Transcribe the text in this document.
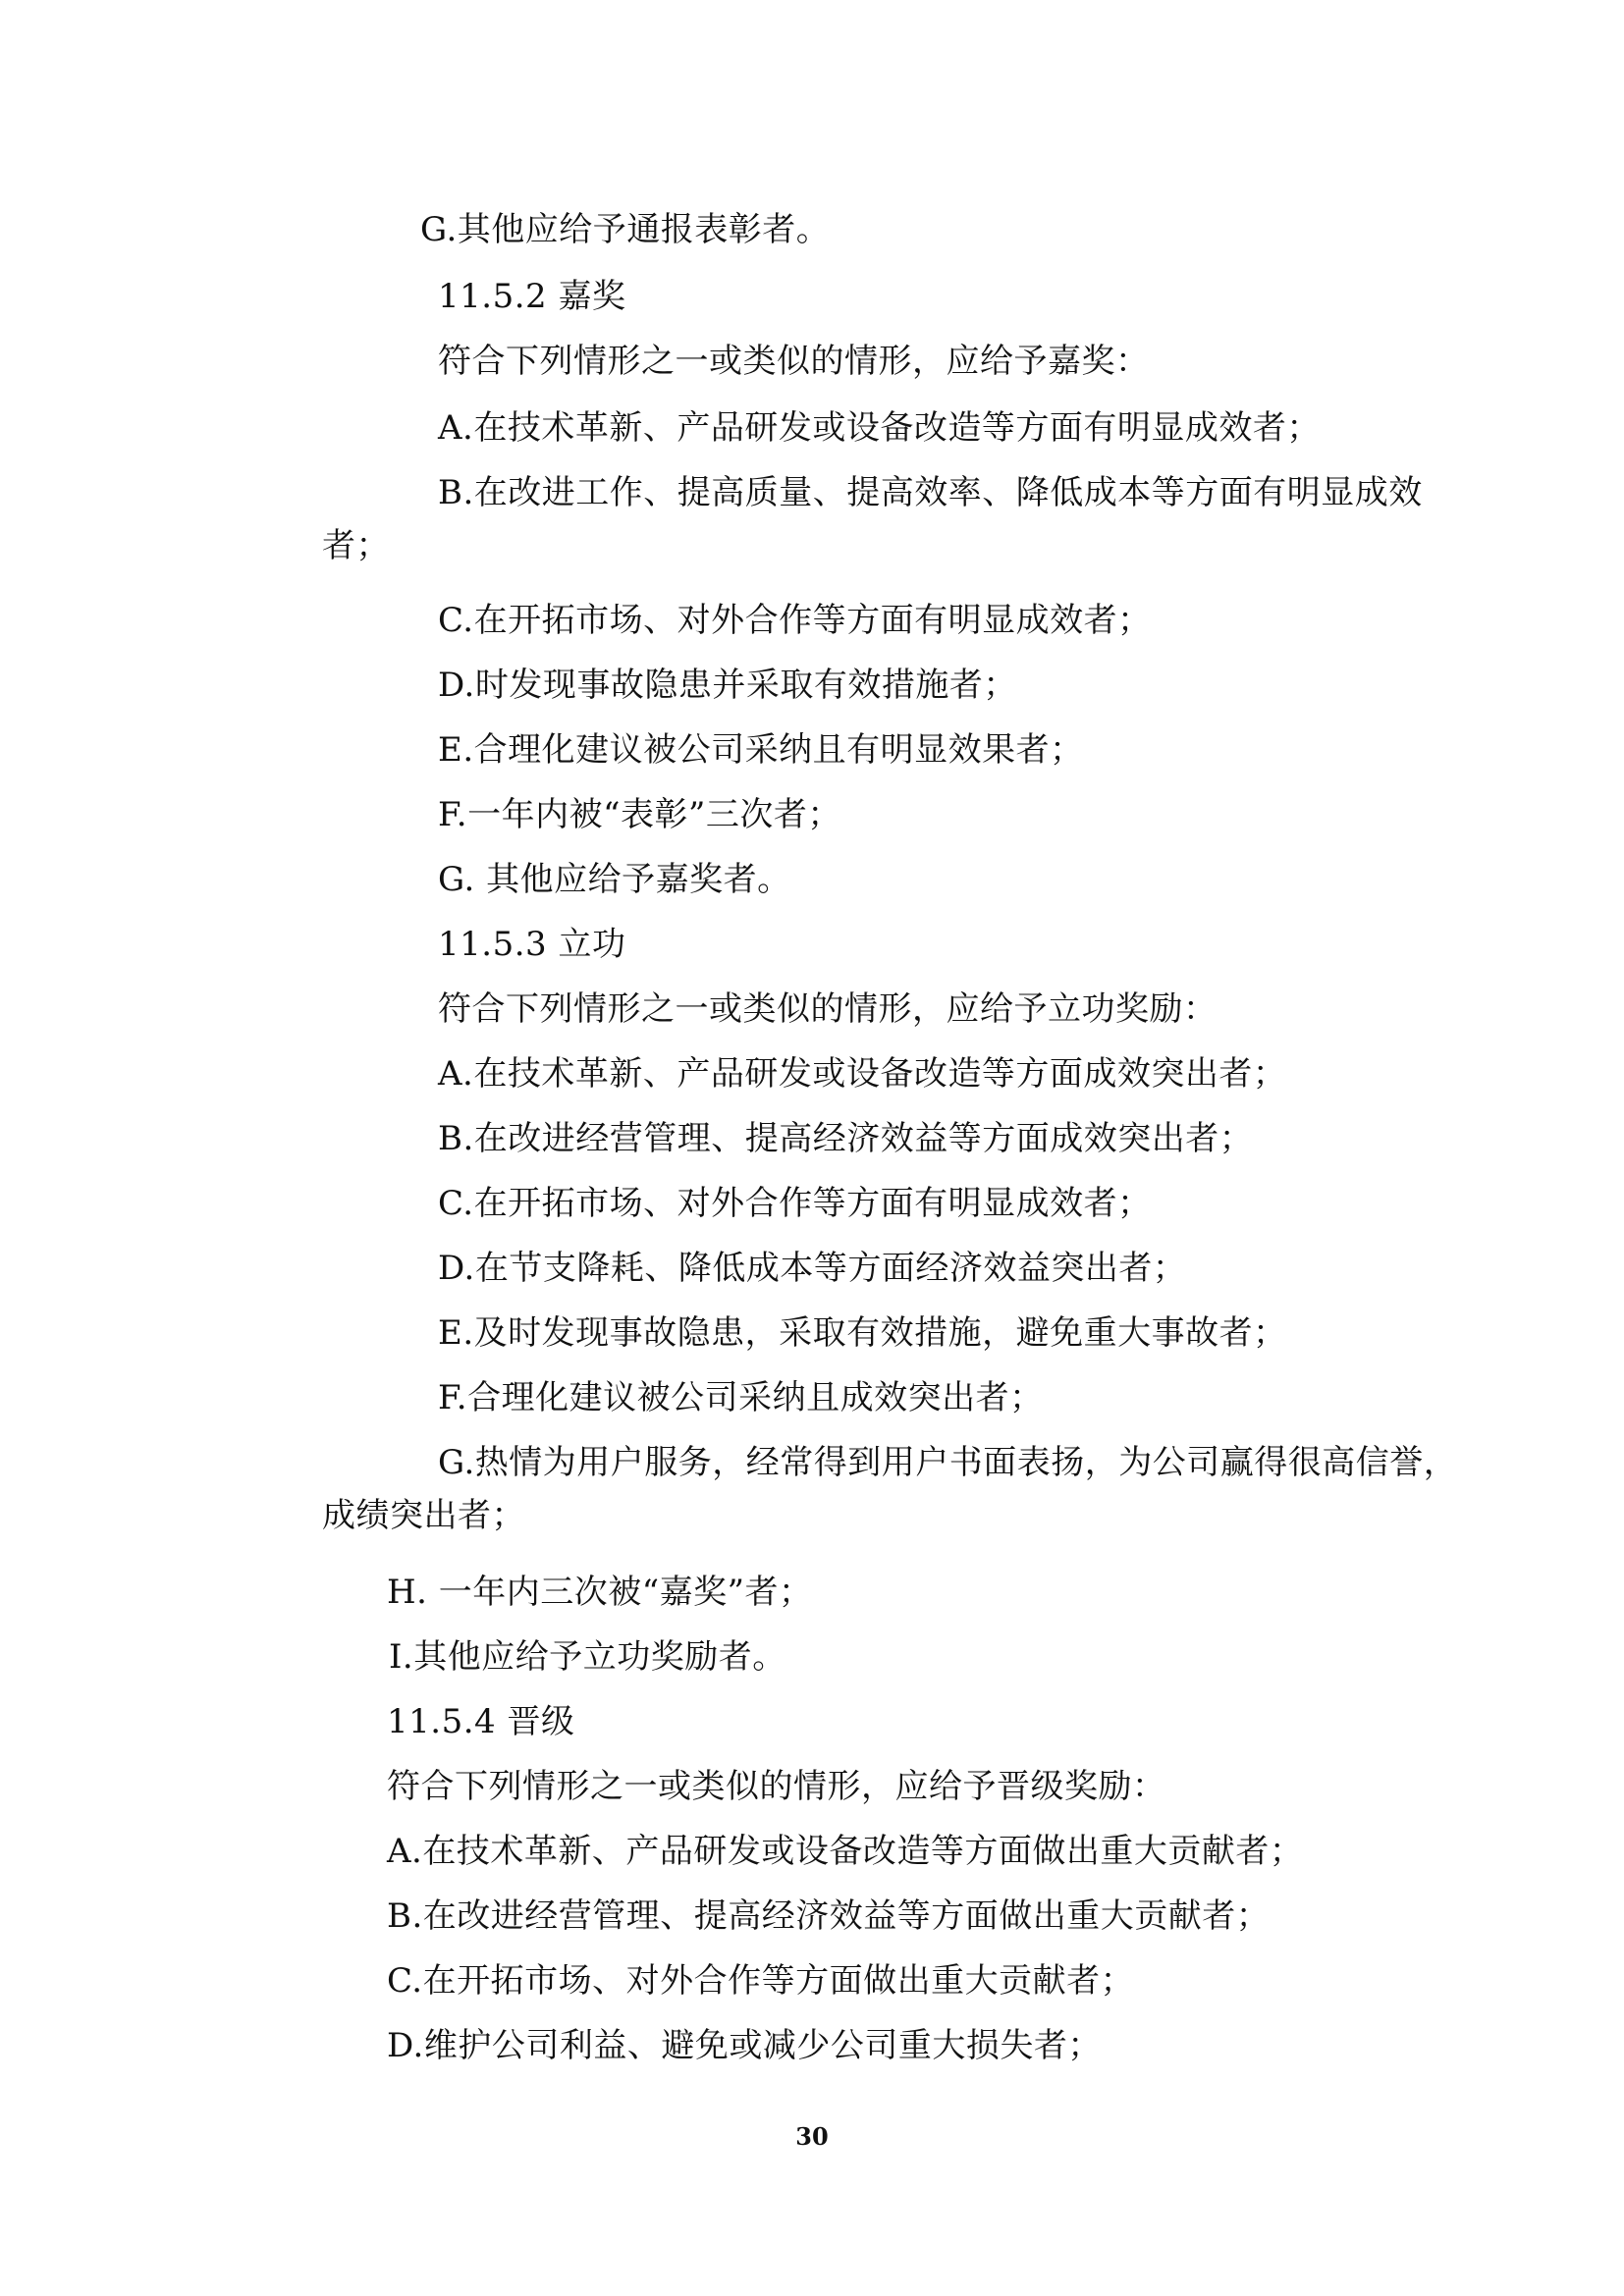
G.其他应给予通报表彰者。

11.5.2 嘉奖

符合下列情形之一或类似的情形，应给予嘉奖：

A.在技术革新、产品研发或设备改造等方面有明显成效者；

B.在改进工作、提高质量、提高效率、降低成本等方面有明显成效

者；

C.在开拓市场、对外合作等方面有明显成效者；

D.时发现事故隐患并采取有效措施者；

E.合理化建议被公司采纳且有明显效果者；

F.一年内被“表彰”三次者；

G. 其他应给予嘉奖者。

11.5.3 立功

符合下列情形之一或类似的情形，应给予立功奖励：

A.在技术革新、产品研发或设备改造等方面成效突出者；

B.在改进经营管理、提高经济效益等方面成效突出者；

C.在开拓市场、对外合作等方面有明显成效者；

D.在节支降耗、降低成本等方面经济效益突出者；

E.及时发现事故隐患，采取有效措施，避免重大事故者；

F.合理化建议被公司采纳且成效突出者；

G.热情为用户服务，经常得到用户书面表扬，为公司赢得很高信誉，

成绩突出者；

H. 一年内三次被“嘉奖”者；

I.其他应给予立功奖励者。

11.5.4 晋级

符合下列情形之一或类似的情形，应给予晋级奖励：

A.在技术革新、产品研发或设备改造等方面做出重大贡献者；

B.在改进经营管理、提高经济效益等方面做出重大贡献者；

C.在开拓市场、对外合作等方面做出重大贡献者；

D.维护公司利益、避免或减少公司重大损失者；

30
